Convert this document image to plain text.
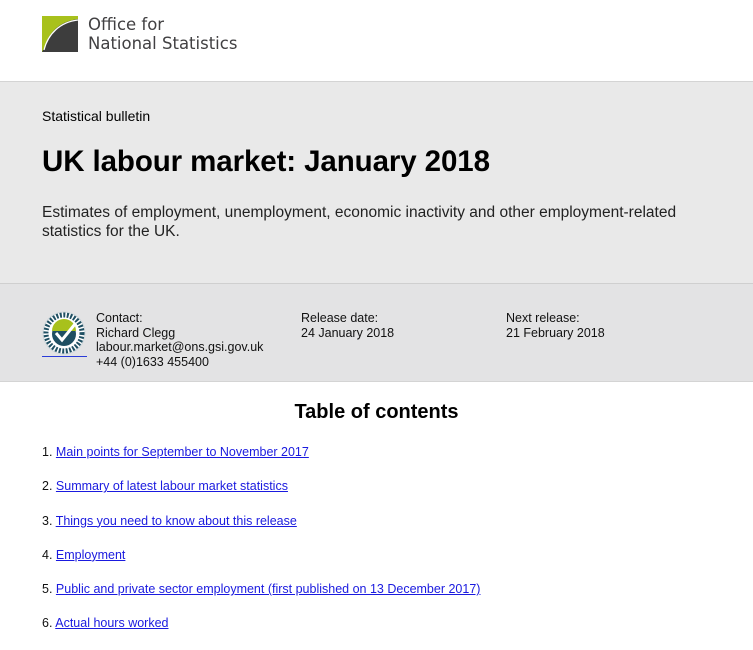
Office for
National Statistics
Statistical bulletin
UK labour market: January 2018
Estimates of employment, unemployment, economic inactivity and other employment-related statistics for the UK.
Contact:
Richard Clegg
labour.market@ons.gsi.gov.uk
+44 (0)1633 455400
Release date:
24 January 2018
Next release:
21 February 2018
Table of contents
1. Main points for September to November 2017
2. Summary of latest labour market statistics
3. Things you need to know about this release
4. Employment
5. Public and private sector employment (first published on 13 December 2017)
6. Actual hours worked
